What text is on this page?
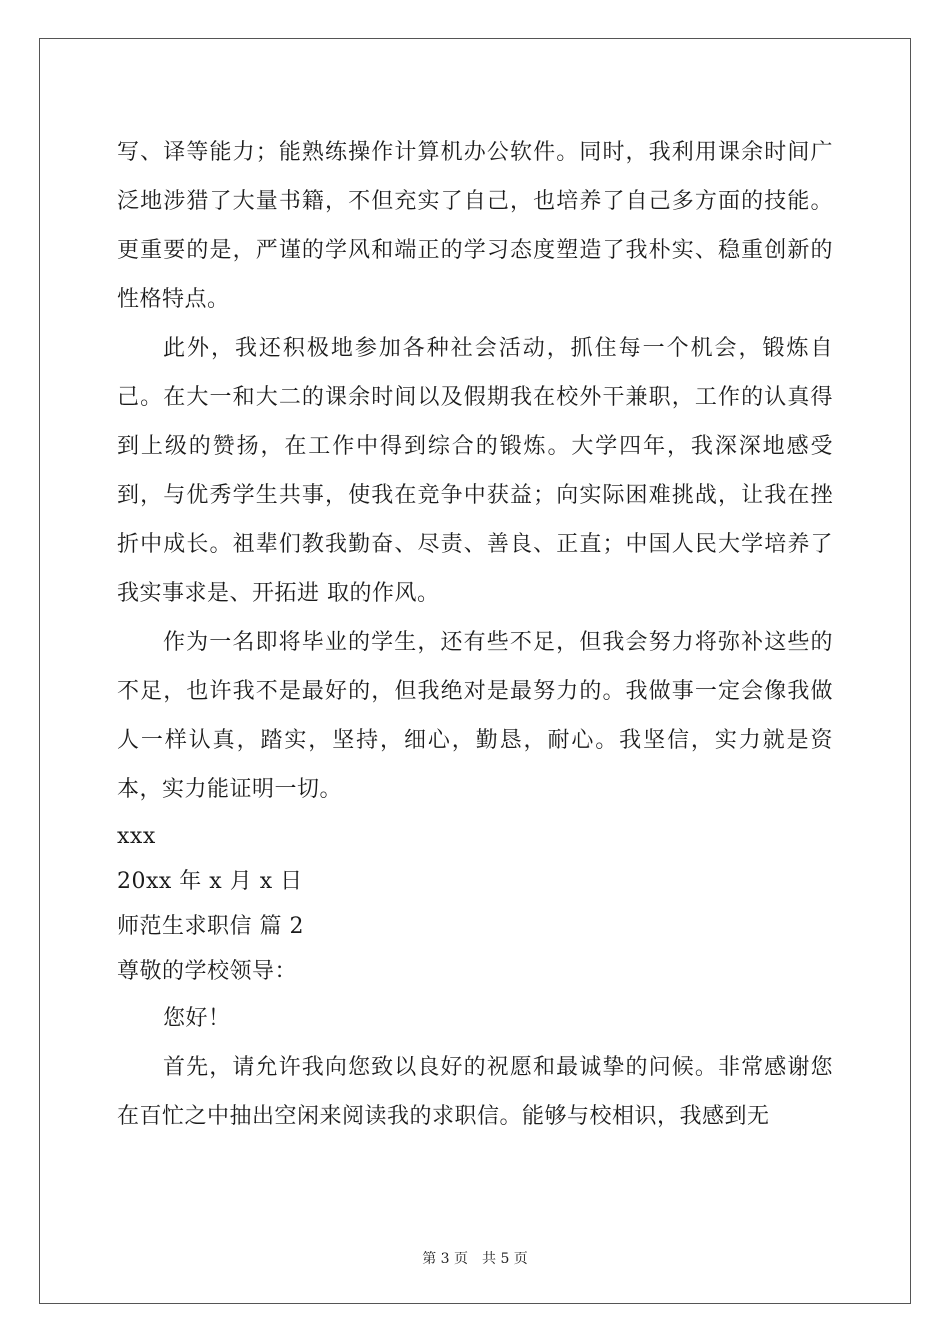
写、译等能力；能熟练操作计算机办公软件。同时，我利用课余时间广泛地涉猎了大量书籍，不但充实了自己，也培养了自己多方面的技能。更重要的是，严谨的学风和端正的学习态度塑造了我朴实、稳重创新的性格特点。

此外，我还积极地参加各种社会活动，抓住每一个机会，锻炼自己。在大一和大二的课余时间以及假期我在校外干兼职，工作的认真得到上级的赞扬，在工作中得到综合的锻炼。大学四年，我深深地感受到，与优秀学生共事，使我在竞争中获益；向实际困难挑战，让我在挫折中成长。祖辈们教我勤奋、尽责、善良、正直；中国人民大学培养了我实事求是、开拓进 取的作风。

作为一名即将毕业的学生，还有些不足，但我会努力将弥补这些的不足，也许我不是最好的，但我绝对是最努力的。我做事一定会像我做人一样认真，踏实，坚持，细心，勤恳，耐心。我坚信，实力就是资本，实力能证明一切。

xxx

20xx 年 x 月 x 日

师范生求职信 篇 2

尊敬的学校领导：

您好！

首先，请允许我向您致以良好的祝愿和最诚挚的问候。非常感谢您在百忙之中抽出空闲来阅读我的求职信。能够与校相识，我感到无

第 3 页 共 5 页
